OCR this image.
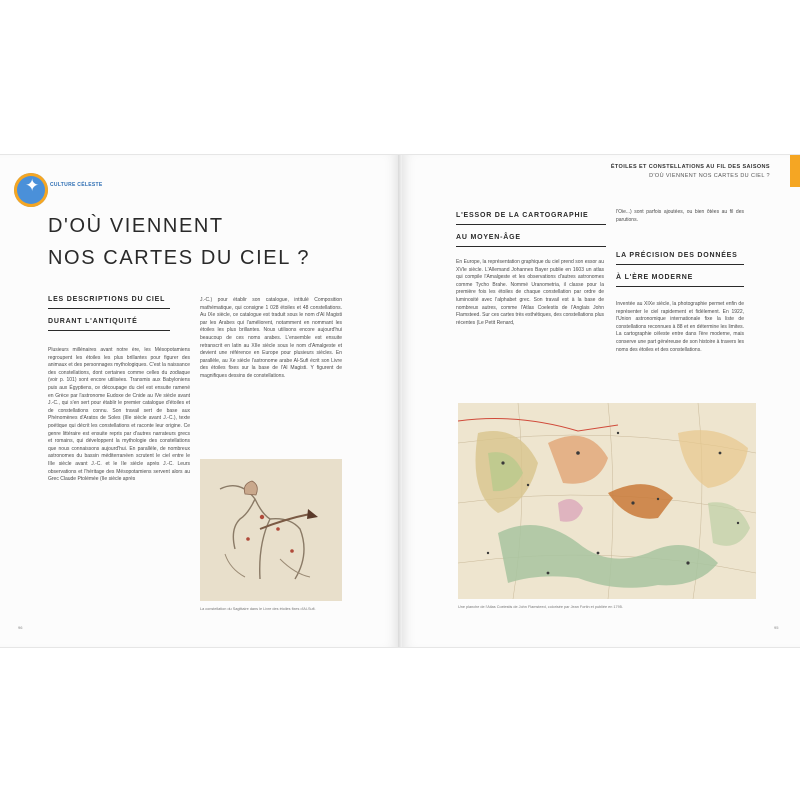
✦ CULTURE CÉLESTE
D'OÙ VIENNENT
NOS CARTES DU CIEL ?
LES DESCRIPTIONS DU CIEL
DURANT L'ANTIQUITÉ
Plusieurs millénaires avant notre ère, les Mésopotamiens regroupent les étoiles les plus brillantes pour figurer des animaux et des personnages mythologiques. C'est la naissance des constellations, dont certaines comme celles du zodiaque (voir p. 101) sont encore utilisées. Transmis aux Babyloniens puis aux Égyptiens, ce découpage du ciel est ensuite ramené en Grèce par l'astronome Eudoxe de Cnide au IVe siècle avant J.-C., qui s'en sert pour établir le premier catalogue d'étoiles et de constellations connu. Son travail sert de base aux Phénomènes d'Aratos de Soles (IIIe siècle avant J.-C.), texte poétique qui décrit les constellations et raconte leur origine. Ce genre littéraire est ensuite repris par d'autres narrateurs grecs et romains, qui développent la mythologie des constellations que nous connaissons aujourd'hui. En parallèle, de nombreux astronomes du bassin méditerranéen scrutent le ciel entre le IIIe siècle avant J.-C. et le IIe siècle après J.-C. Leurs observations et l'héritage des Mésopotamiens servent alors au Grec Claude Ptolémée (IIe siècle après
J.-C.) pour établir son catalogue, intitulé Composition mathématique, qui consigne 1 028 étoiles et 48 constellations. Au IXe siècle, ce catalogue est traduit sous le nom d'Al Magisti par les Arabes qui l'améliorent, notamment en nommant les étoiles les plus brillantes. Nous utilisons encore aujourd'hui beaucoup de ces noms arabes. L'ensemble est ensuite retranscrit en latin au XIIe siècle sous le nom d'Amalgeste et devient une référence en Europe pour plusieurs siècles. En parallèle, au Xe siècle l'astronome arabe Al-Sufi écrit son Livre des étoiles fixes sur la base de l'Al Magisti. Y figurent de magnifiques dessins de constellations.
La constellation du Sagittaire dans le Livre des étoiles fixes d'Al-Sufi.
96
ÉTOILES ET CONSTELLATIONS AU FIL DES SAISONS
D'OÙ VIENNENT NOS CARTES DU CIEL ?
L'ESSOR DE LA CARTOGRAPHIE
AU MOYEN-ÂGE
En Europe, la représentation graphique du ciel prend son essor au XVIe siècle. L'Allemand Johannes Bayer publie en 1603 un atlas qui compile l'Amalgeste et les observations d'autres astronomes comme Tycho Brahe. Nommé Uranometria, il classe pour la première fois les étoiles de chaque constellation par ordre de luminosité avec l'alphabet grec. Son travail est à la base de nombreux autres, comme l'Atlas Coelestis de l'Anglais John Flamsteed. Sur ces cartes très esthétiques, des constellations plus récentes (Le Petit Renard,
l'Oie...) sont parfois ajoutées, ou bien ôtées au fil des parutions.
LA PRÉCISION DES DONNÉES
À L'ÈRE MODERNE
Inventée au XIXe siècle, la photographie permet enfin de représenter le ciel rapidement et fidèlement. En 1922, l'Union astronomique internationale fixe la liste de constellations reconnues à 88 et en détermine les limites. La cartographie céleste entre dans l'ère moderne, mais conserve une part généreuse de son histoire à travers les noms des étoiles et des constellations.
Une planche de l'Atlas Coelestis de John Flamsteed, colorisée par Jean Fortin et publiée en 1795.
95
